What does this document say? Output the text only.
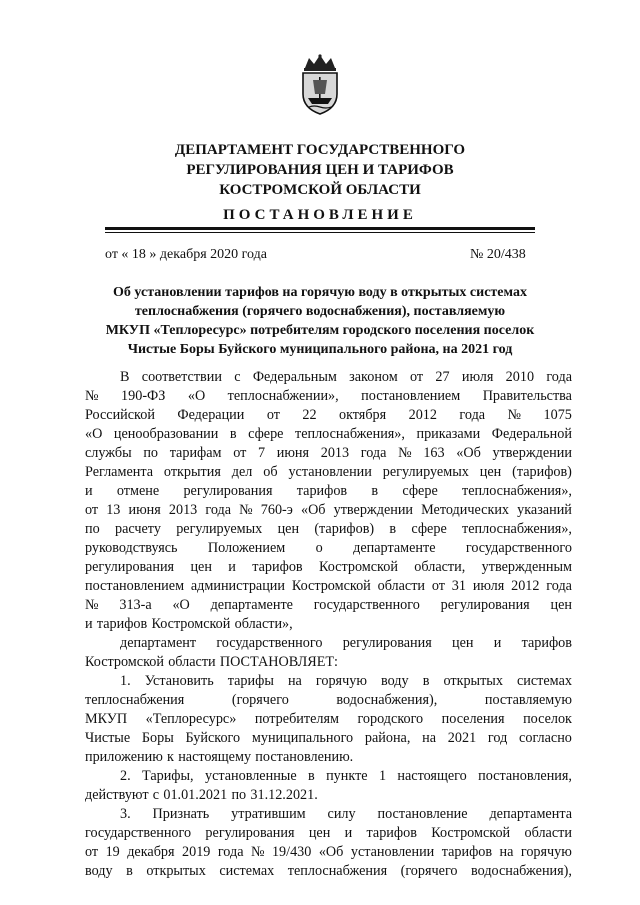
ДЕПАРТАМЕНТ ГОСУДАРСТВЕННОГО
РЕГУЛИРОВАНИЯ ЦЕН И ТАРИФОВ
КОСТРОМСКОЙ ОБЛАСТИ
ПОСТАНОВЛЕНИЕ
от « 18 » декабря 2020 года	№ 20/438
Об установлении тарифов на горячую воду в открытых системах
теплоснабжения (горячего водоснабжения), поставляемую
МКУП «Теплоресурс» потребителям городского поселения поселок
Чистые Боры Буйского муниципального района, на 2021 год
В соответствии с Федеральным законом от 27 июля 2010 года
№ 190-ФЗ «О теплоснабжении», постановлением Правительства
Российской Федерации от 22 октября 2012 года № 1075
«О ценообразовании в сфере теплоснабжения», приказами Федеральной
службы по тарифам от 7 июня 2013 года № 163 «Об утверждении
Регламента открытия дел об установлении регулируемых цен (тарифов)
и отмене регулирования тарифов в сфере теплоснабжения»,
от 13 июня 2013 года № 760-э «Об утверждении Методических указаний
по расчету регулируемых цен (тарифов) в сфере теплоснабжения»,
руководствуясь Положением о департаменте государственного
регулирования цен и тарифов Костромской области, утвержденным
постановлением администрации Костромской области от 31 июля 2012 года
№ 313-а «О департаменте государственного регулирования цен
и тарифов Костромской области»,
департамент государственного регулирования цен и тарифов
Костромской области ПОСТАНОВЛЯЕТ:
1. Установить тарифы на горячую воду в открытых системах
теплоснабжения	(горячего	водоснабжения),	поставляемую
МКУП «Теплоресурс» потребителям городского поселения поселок
Чистые Боры Буйского муниципального района, на 2021 год согласно
приложению к настоящему постановлению.
2. Тарифы, установленные в пункте 1 настоящего постановления,
действуют с 01.01.2021 по 31.12.2021.
3. Признать утратившим силу постановление департамента
государственного регулирования цен и тарифов Костромской области
от 19 декабря 2019 года № 19/430 «Об установлении тарифов на горячую
воду в открытых системах теплоснабжения (горячего водоснабжения),
